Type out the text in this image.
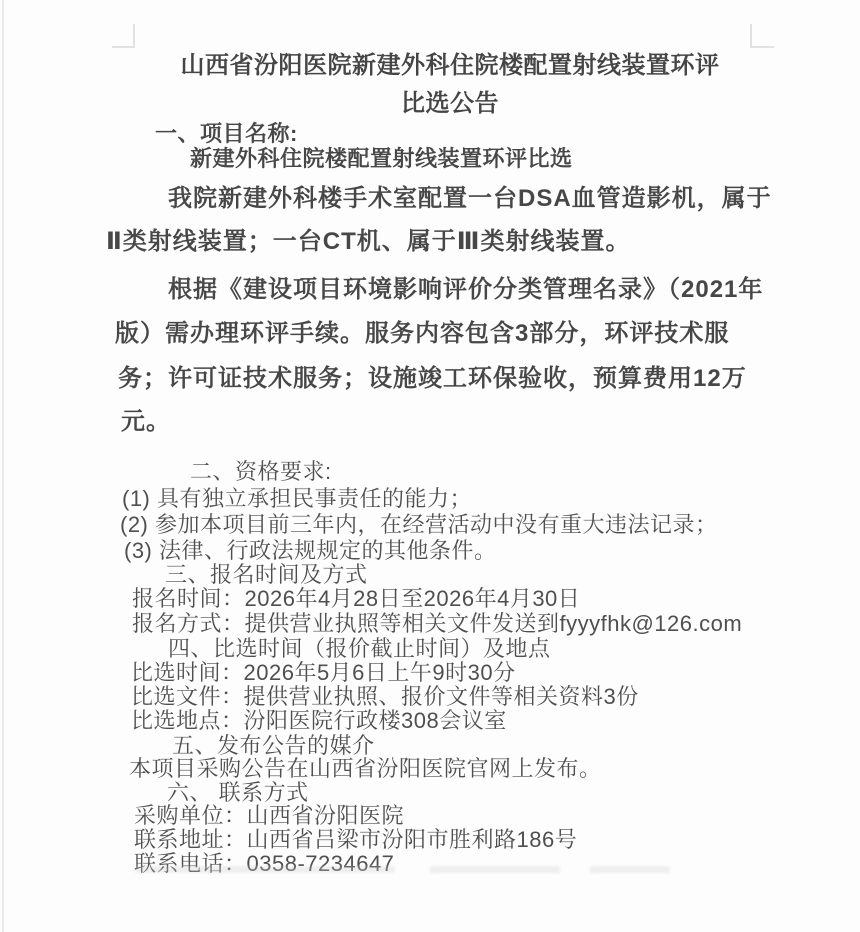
山西省汾阳医院新建外科住院楼配置射线装置环评
比选公告
一、项目名称:
新建外科住院楼配置射线装置环评比选
我院新建外科楼手术室配置一台DSA血管造影机，属于
Ⅱ类射线装置；一台CT机、属于Ⅲ类射线装置。
根据《建设项目环境影响评价分类管理名录》（2021年
版）需办理环评手续。服务内容包含3部分，环评技术服
务；许可证技术服务；设施竣工环保验收，预算费用12万
元。
二、资格要求:
(1) 具有独立承担民事责任的能力；
(2) 参加本项目前三年内，在经营活动中没有重大违法记录；
(3) 法律、行政法规规定的其他条件。
三、报名时间及方式
报名时间：2026年4月28日至2026年4月30日
报名方式：提供营业执照等相关文件发送到fyyyfhk@126.com
四、比选时间（报价截止时间）及地点
比选时间：2026年5月6日上午9时30分
比选文件：提供营业执照、报价文件等相关资料3份
比选地点：汾阳医院行政楼308会议室
五、发布公告的媒介
本项目采购公告在山西省汾阳医院官网上发布。
六、 联系方式
采购单位：山西省汾阳医院
联系地址：山西省吕梁市汾阳市胜利路186号
联系电话：0358-7234647
